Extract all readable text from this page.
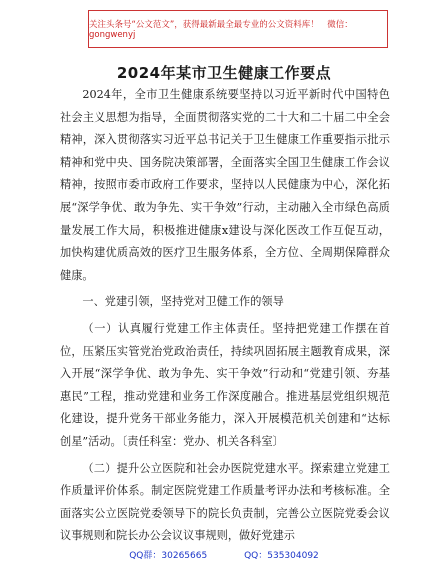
关注头条号“公文范文”，获得最新最全最专业的公文资料库！　微信：gongwenyj
2024年某市卫生健康工作要点

2024年，全市卫生健康系统要坚持以习近平新时代中国特色社会主义思想为指导，全面贯彻落实党的二十大和二十届二中全会精神，深入贯彻落实习近平总书记关于卫生健康工作重要指示批示精神和党中央、国务院决策部署，全面落实全国卫生健康工作会议精神，按照市委市政府工作要求，坚持以人民健康为中心，深化拓展“深学争优、敢为争先、实干争效”行动，主动融入全市绿色高质量发展工作大局，积极推进健康x建设与深化医改工作互促互动，加快构建优质高效的医疗卫生服务体系，全方位、全周期保障群众健康。

一、党建引领，坚持党对卫健工作的领导

（一）认真履行党建工作主体责任。坚持把党建工作摆在首位，压紧压实管党治党政治责任，持续巩固拓展主题教育成果，深入开展“深学争优、敢为争先、实干争效”行动和“党建引领、夯基惠民”工程，推动党建和业务工作深度融合。推进基层党组织规范化建设，提升党务干部业务能力，深入开展模范机关创建和“达标创星”活动。〔责任科室：党办、机关各科室〕

（二）提升公立医院和社会办医院党建水平。探索建立党建工作质量评价体系。制定医院党建工作质量考评办法和考核标准。全面落实公立医院党委领导下的院长负责制，完善公立医院党委会议议事规则和院长办公会议议事规则，做好党建示

QQ群：30265665	QQ：535304092
